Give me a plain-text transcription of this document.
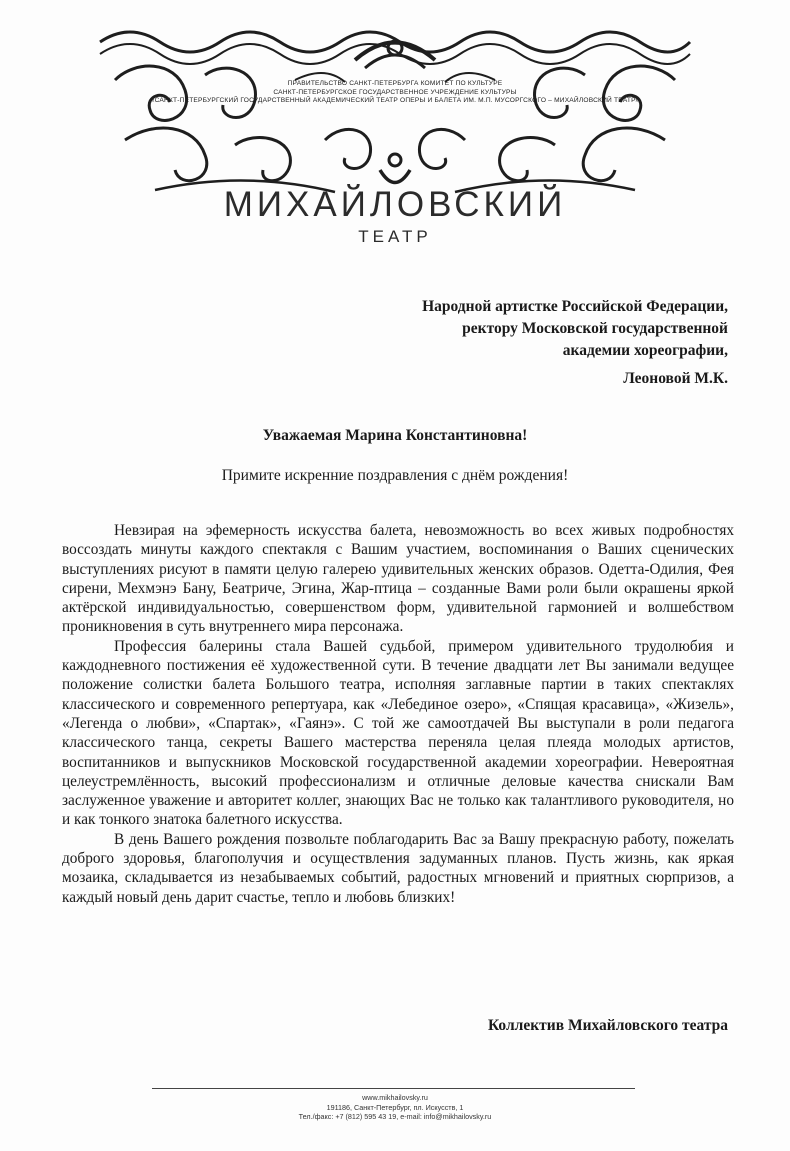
ПРАВИТЕЛЬСТВО САНКТ-ПЕТЕРБУРГА КОМИТЕТ ПО КУЛЬТУРЕ
САНКТ-ПЕТЕРБУРГСКОЕ ГОСУДАРСТВЕННОЕ УЧРЕЖДЕНИЕ КУЛЬТУРЫ
«САНКТ-ПЕТЕРБУРГСКИЙ ГОСУДАРСТВЕННЫЙ АКАДЕМИЧЕСКИЙ ТЕАТР ОПЕРЫ И БАЛЕТА ИМ. М.П. МУСОРГСКОГО – МИХАЙЛОВСКИЙ ТЕАТР»
МИХАЙЛОВСКИЙ
ТЕАТР
Народной артистке Российской Федерации,
ректору Московской государственной
академии хореографии,
Леоновой М.К.
Уважаемая Марина Константиновна!
Примите искренние поздравления с днём рождения!

Невзирая на эфемерность искусства балета, невозможность во всех живых подробностях воссоздать минуты каждого спектакля с Вашим участием, воспоминания о Ваших сценических выступлениях рисуют в памяти целую галерею удивительных женских образов. Одетта-Одилия, Фея сирени, Мехмэнэ Бану, Беатриче, Эгина, Жар-птица – созданные Вами роли были окрашены яркой актёрской индивидуальностью, совершенством форм, удивительной гармонией и волшебством проникновения в суть внутреннего мира персонажа.

Профессия балерины стала Вашей судьбой, примером удивительного трудолюбия и каждодневного постижения её художественной сути. В течение двадцати лет Вы занимали ведущее положение солистки балета Большого театра, исполняя заглавные партии в таких спектаклях классического и современного репертуара, как «Лебединое озеро», «Спящая красавица», «Жизель», «Легенда о любви», «Спартак», «Гаянэ». С той же самоотдачей Вы выступали в роли педагога классического танца, секреты Вашего мастерства переняла целая плеяда молодых артистов, воспитанников и выпускников Московской государственной академии хореографии. Невероятная целеустремлённость, высокий профессионализм и отличные деловые качества снискали Вам заслуженное уважение и авторитет коллег, знающих Вас не только как талантливого руководителя, но и как тонкого знатока балетного искусства.

В день Вашего рождения позвольте поблагодарить Вас за Вашу прекрасную работу, пожелать доброго здоровья, благополучия и осуществления задуманных планов. Пусть жизнь, как яркая мозаика, складывается из незабываемых событий, радостных мгновений и приятных сюрпризов, а каждый новый день дарит счастье, тепло и любовь близких!

Коллектив Михайловского театра
www.mikhailovsky.ru
191186, Санкт-Петербург, пл. Искусств, 1
Тел./факс: +7 (812) 595 43 19, e-mail: info@mikhailovsky.ru
